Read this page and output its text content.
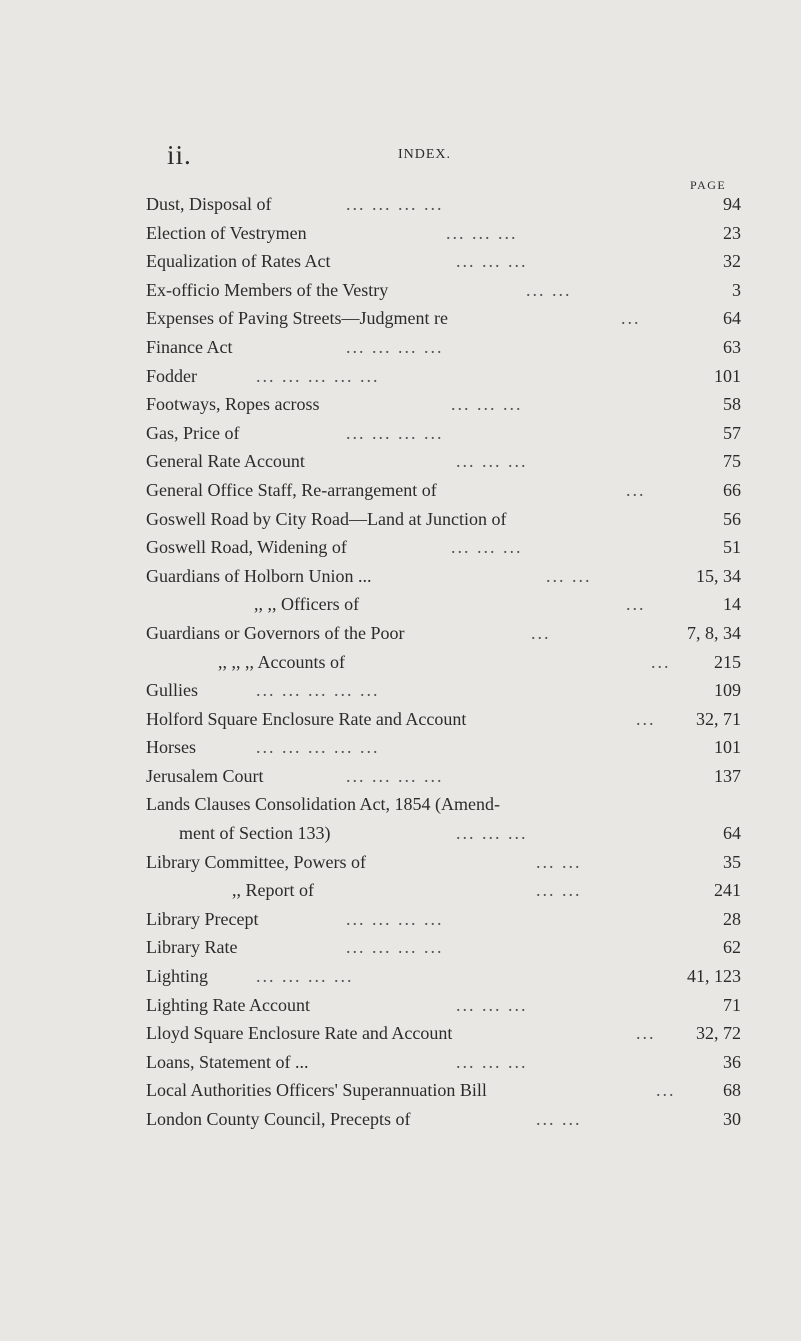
ii.	INDEX.
PAGE
Dust, Disposal of	... ... ... ...	94
Election of Vestrymen	... ... ...	23
Equalization of Rates Act	... ... ...	32
Ex-officio Members of the Vestry	... ...	3
Expenses of Paving Streets—Judgment re	...	64
Finance Act	... ... ... ...	63
Fodder	... ... ... ... ...	101
Footways, Ropes across	... ... ...	58
Gas, Price of	... ... ... ...	57
General Rate Account	... ... ...	75
General Office Staff, Re-arrangement of	...	66
Goswell Road by City Road—Land at Junction of	56
Goswell Road, Widening of	... ... ...	51
Guardians of Holborn Union ...	... ...	15, 34
,, ,, Officers of	...	14
Guardians or Governors of the Poor	...	7, 8, 34
,, ,, ,, Accounts of	... 215
Gullies	... ... ... ... ...	109
Holford Square Enclosure Rate and Account	... 32, 71
Horses	... ... ... ... ...	101
Jerusalem Court	... ... ... ...	137
Lands Clauses Consolidation Act, 1854 (Amend-
ment of Section 133)	... ... ...	64
Library Committee, Powers of	... ...	35
,, Report of	... ...	241
Library Precept	... ... ... ...	28
Library Rate	... ... ... ...	62
Lighting	... ... ... ...	41, 123
Lighting Rate Account	... ... ...	71
Lloyd Square Enclosure Rate and Account	... 32, 72
Loans, Statement of ...	... ... ...	36
Local Authorities Officers' Superannuation Bill	...	68
London County Council, Precepts of	... ...	30
